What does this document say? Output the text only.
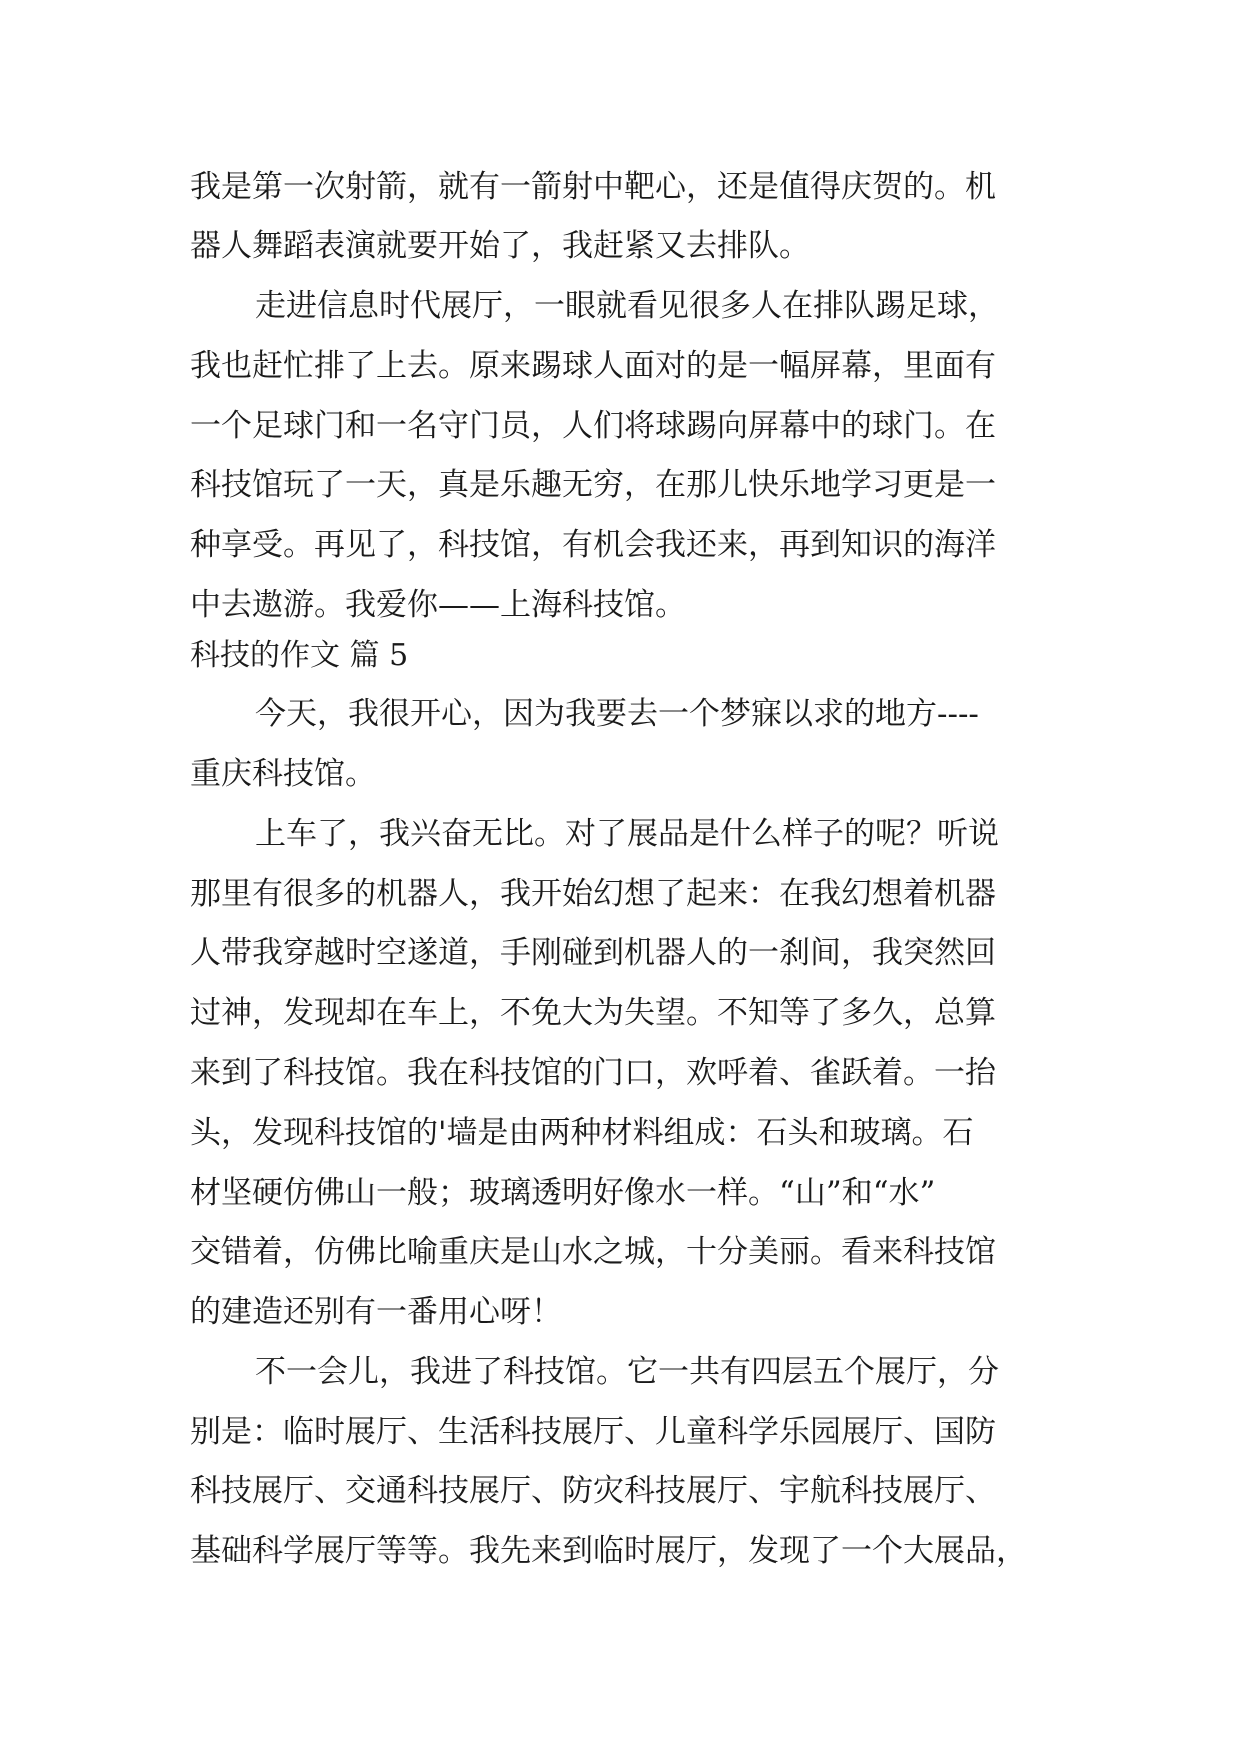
我是第一次射箭，就有一箭射中靶心，还是值得庆贺的。机
器人舞蹈表演就要开始了，我赶紧又去排队。
走进信息时代展厅，一眼就看见很多人在排队踢足球，
我也赶忙排了上去。原来踢球人面对的是一幅屏幕，里面有
一个足球门和一名守门员，人们将球踢向屏幕中的球门。在
科技馆玩了一天，真是乐趣无穷，在那儿快乐地学习更是一
种享受。再见了，科技馆，有机会我还来，再到知识的海洋
中去遨游。我爱你——上海科技馆。
科技的作文 篇 5
今天，我很开心，因为我要去一个梦寐以求的地方----
重庆科技馆。
上车了，我兴奋无比。对了展品是什么样子的呢？听说
那里有很多的机器人，我开始幻想了起来：在我幻想着机器
人带我穿越时空遂道，手刚碰到机器人的一刹间，我突然回
过神，发现却在车上，不免大为失望。不知等了多久，总算
来到了科技馆。我在科技馆的门口，欢呼着、雀跃着。一抬
头，发现科技馆的'墙是由两种材料组成：石头和玻璃。石
材坚硬仿佛山一般；玻璃透明好像水一样。“山”和“水”
交错着，仿佛比喻重庆是山水之城，十分美丽。看来科技馆
的建造还别有一番用心呀！
不一会儿，我进了科技馆。它一共有四层五个展厅，分
别是：临时展厅、生活科技展厅、儿童科学乐园展厅、国防
科技展厅、交通科技展厅、防灾科技展厅、宇航科技展厅、
基础科学展厅等等。我先来到临时展厅，发现了一个大展品，
